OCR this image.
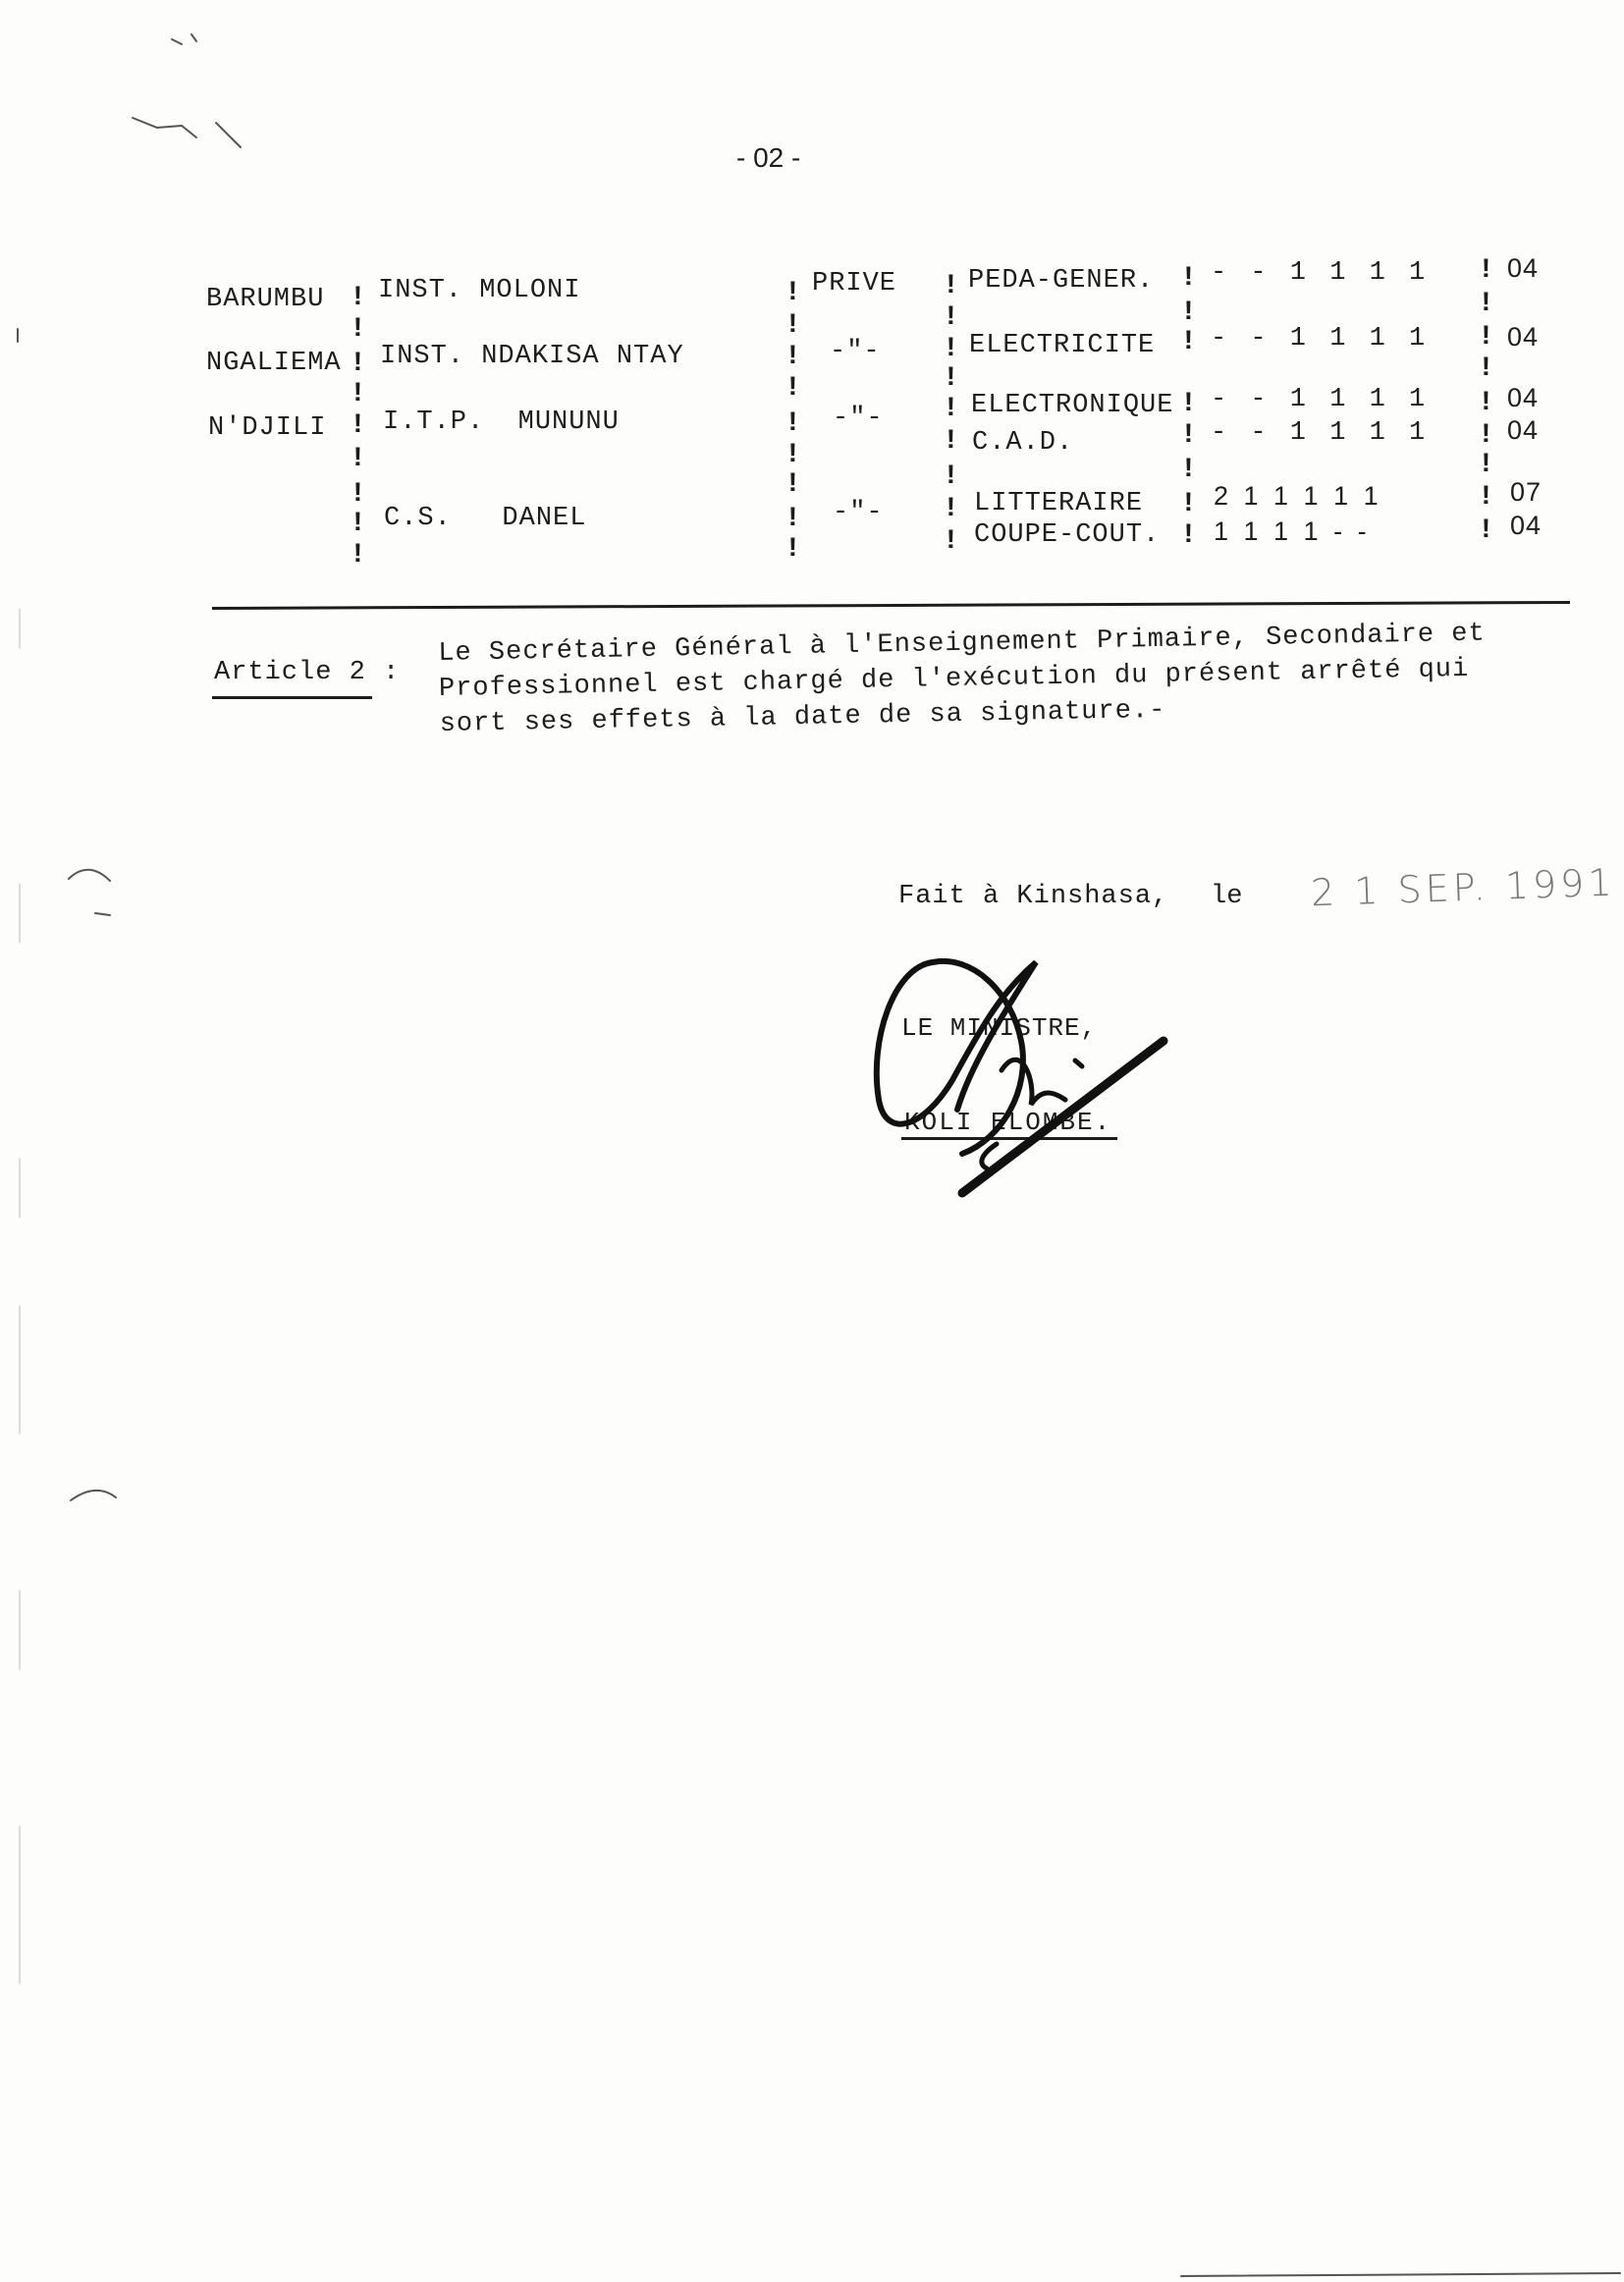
- 02 -
BARUMBU INST. MOLONI	PRIVE	PEDA-GENER. - - 1 1 1 1	04
NGALIEMA INST. NDAKISA NTAY	-"-	ELECTRICITE - - 1 1 1 1	04
N'DJILI I.T.P.  MUNUNU	-"-	ELECTRONIQUE - - 1 1 1 1	04
C.A.D.	- - 1 1 1 1	04
C.S.   DANEL	-"-	LITTERAIRE	2 1 1 1 1 1	07
COUPE-COUT. 1 1 1 1 - -	04
!
!
!
!
!
!
!
!
!
!
!
!
!
!
!
!
!
!
!
!
!
!
!
!
!
!
!
!
!
!
!
!
!
!
!
!
!
!
!
!
!
!
!
!
Article 2 :
Le Secrétaire Général à l'Enseignement Primaire, Secondaire et
Professionnel est chargé de l'exécution du présent arrêté qui
sort ses effets à la date de sa signature.-
Fait à Kinshasa, le 2 1 SEP. 1991
LE MINISTRE,
KOLI ELOMBE.
